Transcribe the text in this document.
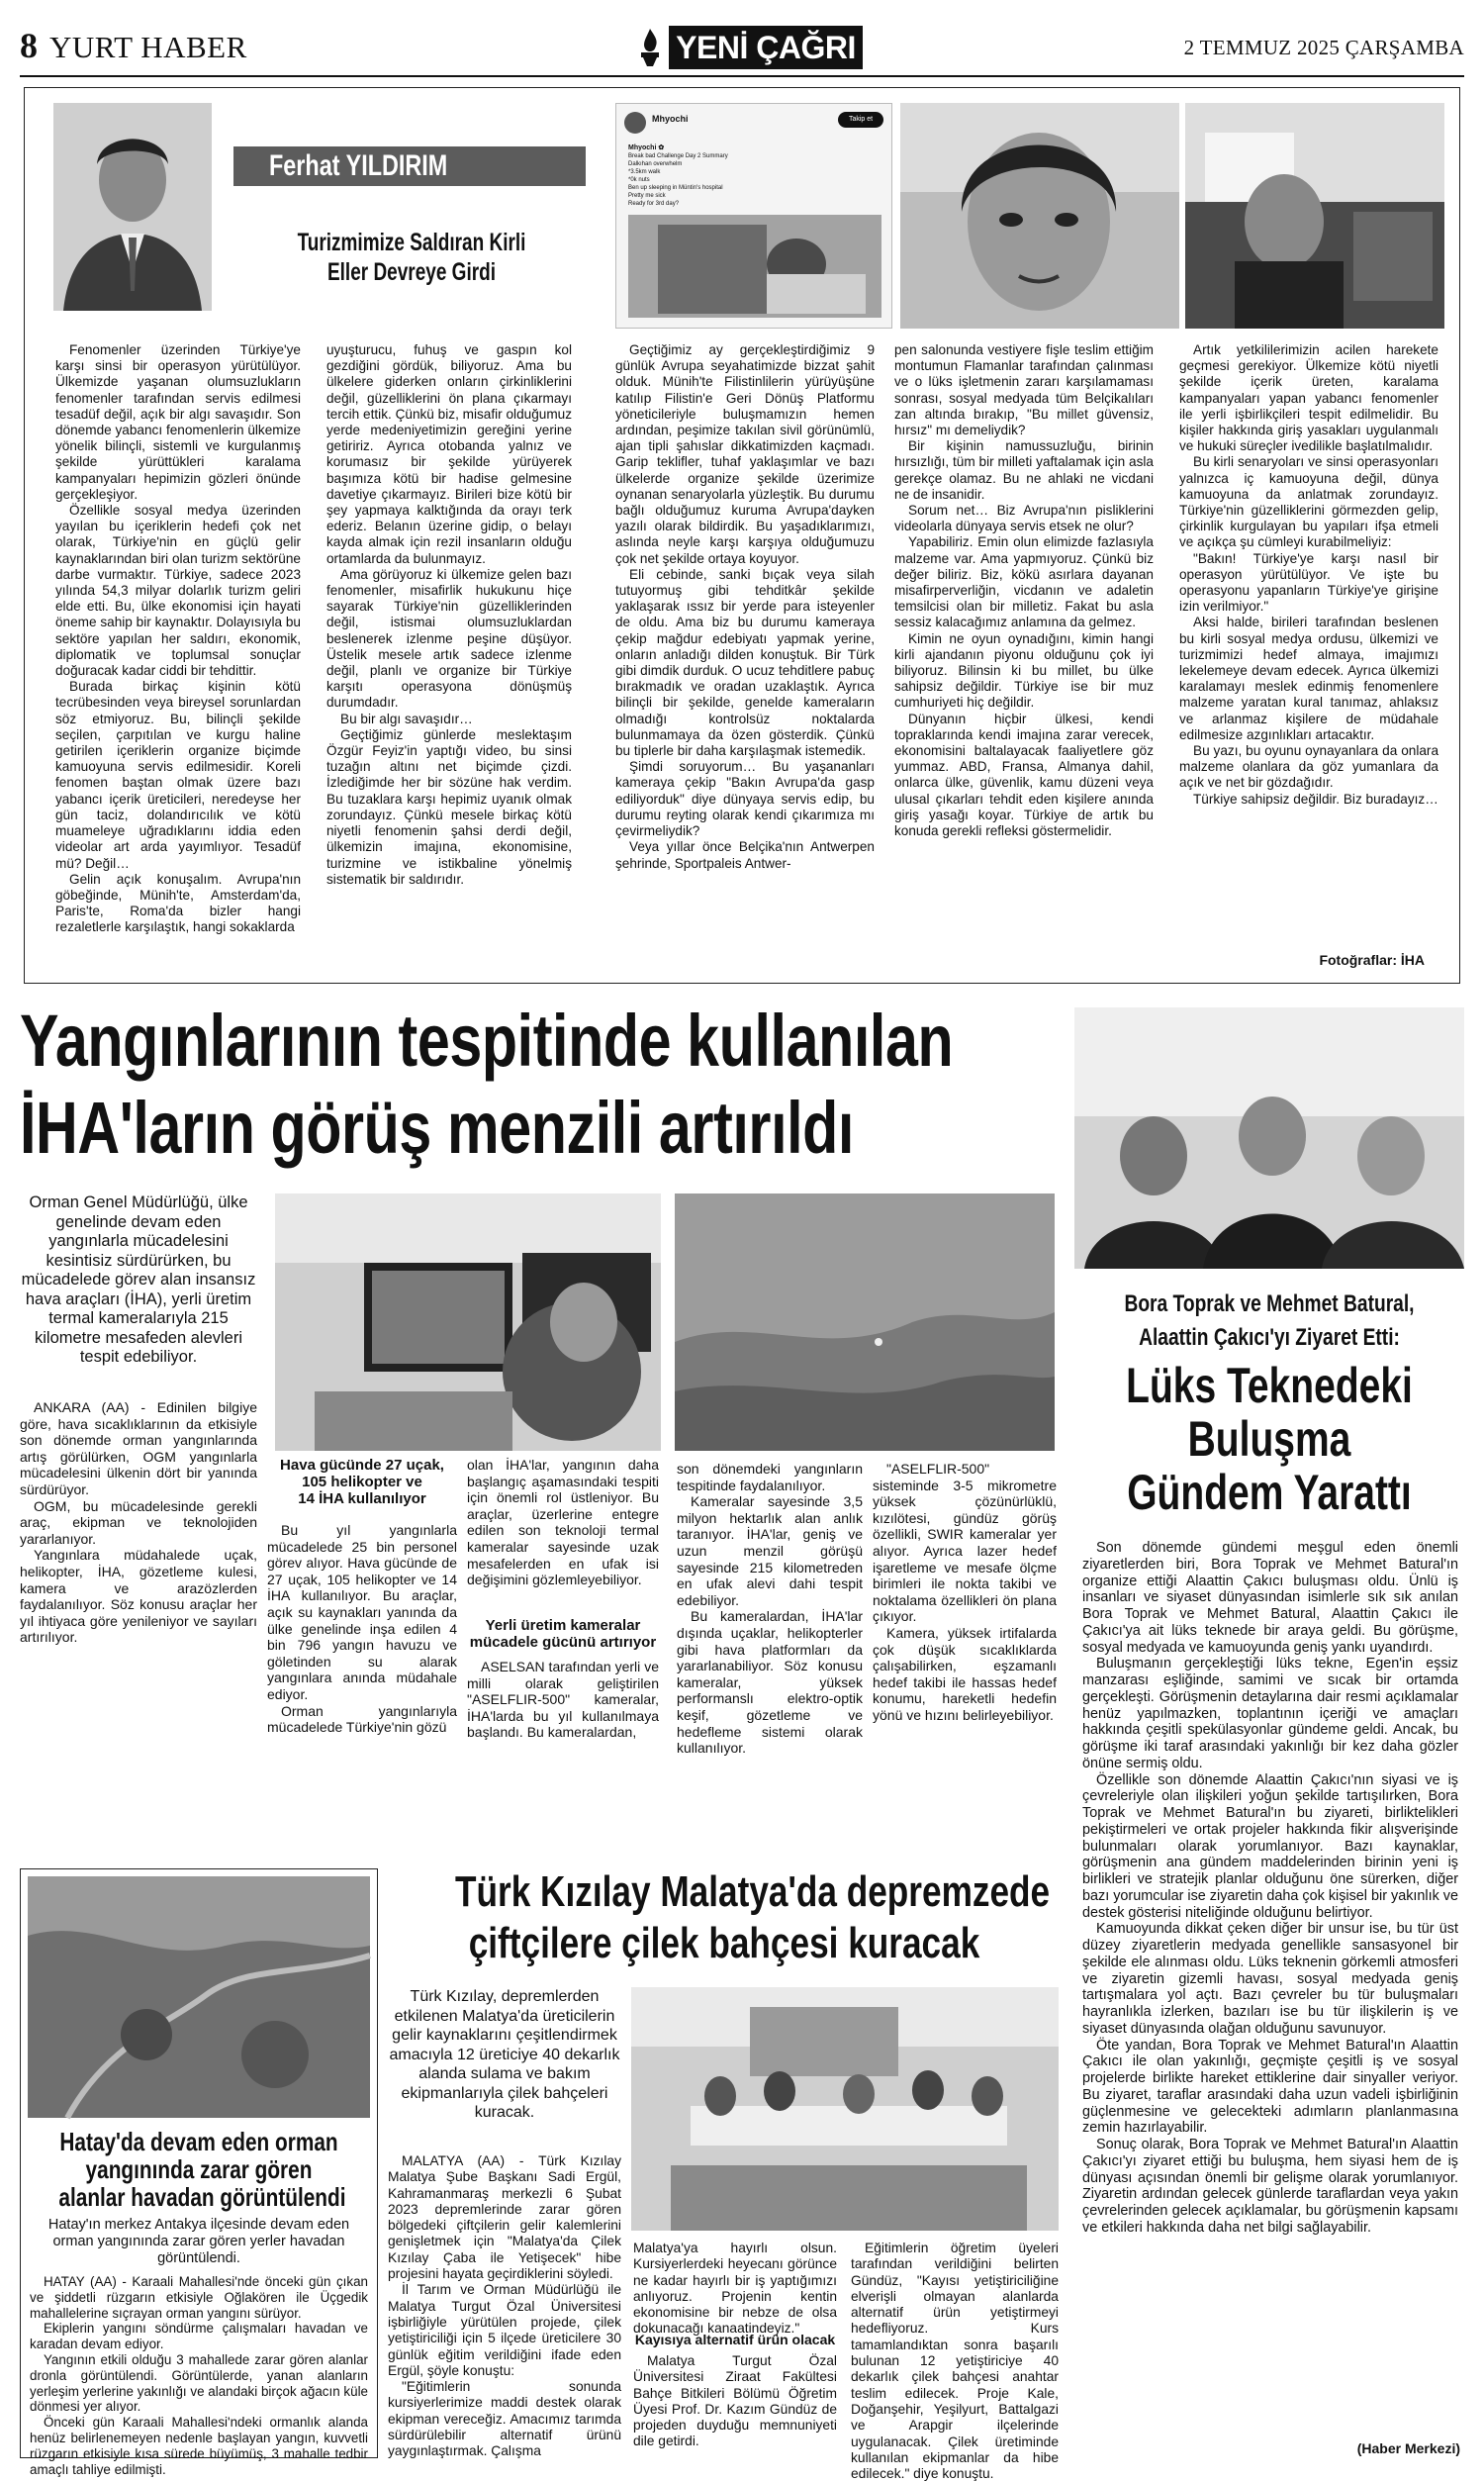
8 YURT HABER	YENİ ÇAĞRI	2 TEMMUZ 2025 ÇARŞAMBA
Ferhat YILDIRIM
Turizmimize Saldıran Kirli
Eller Devreye Girdi
Mhyochi	Takip et
Mhyochi ✿
Break bad Challenge Day 2 Summary
Dalkıhan overwhelm
*3.5km walk
*0k nuts
Ben up sleeping in Müntin's hospital
Pretty me sick
Ready for 3rd day?

Fenomenler üzerinden Türkiye'ye karşı sinsi bir operasyon yürütülüyor. Ülkemizde yaşanan olumsuzlukların fenomenler tarafından servis edilmesi tesadüf değil, açık bir algı savaşıdır. Son dönemde yabancı fenomenlerin ülkemize yönelik bilinçli, sistemli ve kurgulanmış şekilde yürüttükleri karalama kampanyaları hepimizin gözleri önünde gerçekleşiyor.

Özellikle sosyal medya üzerinden yayılan bu içeriklerin hedefi çok net olarak, Türkiye'nin en güçlü gelir kaynaklarından biri olan turizm sektörüne darbe vurmaktır. Türkiye, sadece 2023 yılında 54,3 milyar dolarlık turizm geliri elde etti. Bu, ülke ekonomisi için hayati öneme sahip bir kaynaktır. Dolayısıyla bu sektöre yapılan her saldırı, ekonomik, diplomatik ve toplumsal sonuçlar doğuracak kadar ciddi bir tehdittir.

Burada birkaç kişinin kötü tecrübesinden veya bireysel sorunlardan söz etmiyoruz. Bu, bilinçli şekilde seçilen, çarpıtılan ve kurgu haline getirilen içeriklerin organize biçimde kamuoyuna servis edilmesidir. Koreli fenomen baştan olmak üzere bazı yabancı içerik üreticileri, neredeyse her gün taciz, dolandırıcılık ve kötü muameleye uğradıklarını iddia eden videolar art arda yayımlıyor. Tesadüf mü? Değil…

Gelin açık konuşalım. Avrupa'nın göbeğinde, Münih'te, Amsterdam'da, Paris'te, Roma'da bizler hangi rezaletlerle karşılaştık, hangi sokaklarda

uyuşturucu, fuhuş ve gaspın kol gezdiğini gördük, biliyoruz. Ama bu ülkelere giderken onların çirkinliklerini değil, güzelliklerini ön plana çıkarmayı tercih ettik. Çünkü biz, misafir olduğumuz yerde medeniyetimizin gereğini yerine getiririz. Ayrıca otobanda yalnız ve korumasız bir şekilde yürüyerek başımıza kötü bir hadise gelmesine davetiye çıkarmayız. Birileri bize kötü bir şey yapmaya kalktığında da orayı terk ederiz. Belanın üzerine gidip, o belayı kayda almak için rezil insanların olduğu ortamlarda da bulunmayız.

Ama görüyoruz ki ülkemize gelen bazı fenomenler, misafirlik hukukunu hiçe sayarak Türkiye'nin güzelliklerinden değil, istismai olumsuzluklardan beslenerek izlenme peşine düşüyor. Üstelik mesele artık sadece izlenme değil, planlı ve organize bir Türkiye karşıtı operasyona dönüşmüş durumdadır.

Bu bir algı savaşıdır…

Geçtiğimiz günlerde meslektaşım Özgür Feyiz'in yaptığı video, bu sinsi tuzağın altını net biçimde çizdi. İzlediğimde her bir sözüne hak verdim. Bu tuzaklara karşı hepimiz uyanık olmak zorundayız. Çünkü mesele birkaç kötü niyetli fenomenin şahsi derdi değil, ülkemizin imajına, ekonomisine, turizmine ve istikbaline yönelmiş sistematik bir saldırıdır.

Geçtiğimiz ay gerçekleştirdiğimiz 9 günlük Avrupa seyahatimizde bizzat şahit olduk. Münih'te Filistinlilerin yürüyüşüne katılıp Filistin'e Geri Dönüş Platformu yöneticileriyle buluşmamızın hemen ardından, peşimize takılan sivil görünümlü, ajan tipli şahıslar dikkatimizden kaçmadı. Garip teklifler, tuhaf yaklaşımlar ve bazı ülkelerde organize şekilde üzerimize oynanan senaryolarla yüzleştik. Bu durumu bağlı olduğumuz kuruma Avrupa'dayken yazılı olarak bildirdik. Bu yaşadıklarımızı, aslında neyle karşı karşıya olduğumuzu çok net şekilde ortaya koyuyor.

Eli cebinde, sanki bıçak veya silah tutuyormuş gibi tehditkâr şekilde yaklaşarak ıssız bir yerde para isteyenler de oldu. Ama biz bu durumu kameraya çekip mağdur edebiyatı yapmak yerine, onların anladığı dilden konuştuk. Bir Türk gibi dimdik durduk. O ucuz tehditlere pabuç bırakmadık ve oradan uzaklaştık. Ayrıca bilinçli bir şekilde, genelde kameraların olmadığı kontrolsüz noktalarda bulunmamaya da özen gösterdik. Çünkü bu tiplerle bir daha karşılaşmak istemedik.

Şimdi soruyorum… Bu yaşananları kameraya çekip "Bakın Avrupa'da gasp ediliyorduk" diye dünyaya servis edip, bu durumu reyting olarak kendi çıkarımıza mı çevirmeliydik?

Veya yıllar önce Belçika'nın Antwerpen şehrinde, Sportpaleis Antwer-

pen salonunda vestiyere fişle teslim ettiğim montumun Flamanlar tarafından çalınması ve o lüks işletmenin zararı karşılamaması sonrası, sosyal medyada tüm Belçikalıları zan altında bırakıp, "Bu millet güvensiz, hırsız" mı demeliydik?

Bir kişinin namussuzluğu, birinin hırsızlığı, tüm bir milleti yaftalamak için asla gerekçe olamaz. Bu ne ahlaki ne vicdani ne de insanidir.

Sorum net… Biz Avrupa'nın pisliklerini videolarla dünyaya servis etsek ne olur?

Yapabiliriz. Emin olun elimizde fazlasıyla malzeme var. Ama yapmıyoruz. Çünkü biz değer biliriz. Biz, kökü asırlara dayanan misafirperverliğin, vicdanın ve adaletin temsilcisi olan bir milletiz. Fakat bu asla sessiz kalacağımız anlamına da gelmez.

Kimin ne oyun oynadığını, kimin hangi kirli ajandanın piyonu olduğunu çok iyi biliyoruz. Bilinsin ki bu millet, bu ülke sahipsiz değildir. Türkiye ise bir muz cumhuriyeti hiç değildir.

Dünyanın hiçbir ülkesi, kendi topraklarında kendi imajına zarar verecek, ekonomisini baltalayacak faaliyetlere göz yummaz. ABD, Fransa, Almanya dahil, onlarca ülke, güvenlik, kamu düzeni veya ulusal çıkarları tehdit eden kişilere anında giriş yasağı koyar. Türkiye de artık bu konuda gerekli refleksi göstermelidir.

Artık yetkililerimizin acilen harekete geçmesi gerekiyor. Ülkemize kötü niyetli şekilde içerik üreten, karalama kampanyaları yapan yabancı fenomenler ile yerli işbirlikçileri tespit edilmelidir. Bu kişiler hakkında giriş yasakları uygulanmalı ve hukuki süreçler ivedilikle başlatılmalıdır.

Bu kirli senaryoları ve sinsi operasyonları yalnızca iç kamuoyuna değil, dünya kamuoyuna da anlatmak zorundayız. Türkiye'nin güzelliklerini görmezden gelip, çirkinlik kurgulayan bu yapıları ifşa etmeli ve açıkça şu cümleyi kurabilmeliyiz:

"Bakın! Türkiye'ye karşı nasıl bir operasyon yürütülüyor. Ve işte bu operasyonu yapanların Türkiye'ye girişine izin verilmiyor."

Aksi halde, birileri tarafından beslenen bu kirli sosyal medya ordusu, ülkemizi ve turizmimizi hedef almaya, imajımızı lekelemeye devam edecek. Ayrıca ülkemizi karalamayı meslek edinmiş fenomenlere malzeme yaratan kural tanımaz, ahlaksız ve arlanmaz kişilere de müdahale edilmesize azgınlıkları artacaktır.

Bu yazı, bu oyunu oynayanlara da onlara malzeme olanlara da göz yumanlara da açık ve net bir gözdağıdır.

Türkiye sahipsiz değildir. Biz buradayız…

Fotoğraflar: İHA
Yangınlarının tespitinde kullanılan
İHA'ların görüş menzili artırıldı
Orman Genel Müdürlüğü, ülke genelinde devam eden yangınlarla mücadelesini kesintisiz sürdürürken, bu mücadelede görev alan insansız hava araçları (İHA), yerli üretim termal kameralarıyla 215 kilometre mesafeden alevleri tespit edebiliyor.

ANKARA (AA) - Edinilen bilgiye göre, hava sıcaklıklarının da etkisiyle son dönemde orman yangınlarında artış görülürken, OGM yangınlarla mücadelesini ülkenin dört bir yanında sürdürüyor.

OGM, bu mücadelesinde gerekli araç, ekipman ve teknolojiden yararlanıyor.

Yangınlara müdahalede uçak, helikopter, İHA, gözetleme kulesi, kamera ve arazözlerden faydalanılıyor. Söz konusu araçlar her yıl ihtiyaca göre yenileniyor ve sayıları artırılıyor.

Hava gücünde 27 uçak,
105 helikopter ve
14 İHA kullanılıyor

Bu yıl yangınlarla mücadelede 25 bin personel görev alıyor. Hava gücünde de 27 uçak, 105 helikopter ve 14 İHA kullanılıyor. Bu araçlar, açık su kaynakları yanında da ülke genelinde inşa edilen 4 bin 796 yangın havuzu ve göletinden su alarak yangınlara anında müdahale ediyor.

Orman yangınlarıyla mücadelede Türkiye'nin gözü

olan İHA'lar, yangının daha başlangıç aşamasındaki tespiti için önemli rol üstleniyor. Bu araçlar, üzerlerine entegre edilen son teknoloji termal kameralar sayesinde uzak mesafelerden en ufak isi değişimini gözlemleyebiliyor.

Yerli üretim kameralar
mücadele gücünü artırıyor

ASELSAN tarafından yerli ve milli olarak geliştirilen "ASELFLIR-500" kameralar, İHA'larda bu yıl kullanılmaya başlandı. Bu kameralardan,

son dönemdeki yangınların tespitinde faydalanılıyor.

Kameralar sayesinde 3,5 milyon hektarlık alan anlık taranıyor. İHA'lar, geniş ve uzun menzil görüşü sayesinde 215 kilometreden en ufak alevi dahi tespit edebiliyor.

Bu kameralardan, İHA'lar dışında uçaklar, helikopterler gibi hava platformları da yararlanabiliyor. Söz konusu kameralar, yüksek performanslı elektro-optik keşif, gözetleme ve hedefleme sistemi olarak kullanılıyor.

"ASELFLIR-500" sisteminde 3-5 mikrometre yüksek çözünürlüklü, kızılötesi, gündüz görüş özellikli, SWIR kameralar yer alıyor. Ayrıca lazer hedef işaretleme ve mesafe ölçme birimleri ile nokta takibi ve noktalama özellikleri ön plana çıkıyor.

Kamera, yüksek irtifalarda çok düşük sıcaklıklarda çalışabilirken, eşzamanlı hedef takibi ile hassas hedef konumu, hareketli hedefin yönü ve hızını belirleyebiliyor.

Bora Toprak ve Mehmet Batural,
Alaattin Çakıcı'yı Ziyaret Etti:
Lüks Teknedeki
Buluşma
Gündem Yarattı

Son dönemde gündemi meşgul eden önemli ziyaretlerden biri, Bora Toprak ve Mehmet Batural'ın organize ettiği Alaattin Çakıcı buluşması oldu. Ünlü iş insanları ve siyaset dünyasından isimlerle sık sık anılan Bora Toprak ve Mehmet Batural, Alaattin Çakıcı ile Çakıcı'ya ait lüks teknede bir araya geldi. Bu görüşme, sosyal medyada ve kamuoyunda geniş yankı uyandırdı.

Buluşmanın gerçekleştiği lüks tekne, Egen'in eşsiz manzarası eşliğinde, samimi ve sıcak bir ortamda gerçekleşti. Görüşmenin detaylarına dair resmi açıklamalar henüz yapılmazken, toplantının içeriği ve amaçları hakkında çeşitli spekülasyonlar gündeme geldi. Ancak, bu görüşme iki taraf arasındaki yakınlığı bir kez daha gözler önüne sermiş oldu.

Özellikle son dönemde Alaattin Çakıcı'nın siyasi ve iş çevreleriyle olan ilişkileri yoğun şekilde tartışılırken, Bora Toprak ve Mehmet Batural'ın bu ziyareti, birliktelikleri pekiştirmeleri ve ortak projeler hakkında fikir alışverişinde bulunmaları olarak yorumlanıyor. Bazı kaynaklar, görüşmenin ana gündem maddelerinden birinin yeni iş birlikleri ve stratejik planlar olduğunu öne sürerken, diğer bazı yorumcular ise ziyaretin daha çok kişisel bir yakınlık ve destek gösterisi niteliğinde olduğunu belirtiyor.

Kamuoyunda dikkat çeken diğer bir unsur ise, bu tür üst düzey ziyaretlerin medyada genellikle sansasyonel bir şekilde ele alınması oldu. Lüks teknenin görkemli atmosferi ve ziyaretin gizemli havası, sosyal medyada geniş tartışmalara yol açtı. Bazı çevreler bu tür buluşmaları hayranlıkla izlerken, bazıları ise bu tür ilişkilerin iş ve siyaset dünyasında olağan olduğunu savunuyor.

Öte yandan, Bora Toprak ve Mehmet Batural'ın Alaattin Çakıcı ile olan yakınlığı, geçmişte çeşitli iş ve sosyal projelerde birlikte hareket ettiklerine dair sinyaller veriyor. Bu ziyaret, taraflar arasındaki daha uzun vadeli işbirliğinin güçlenmesine ve gelecekteki adımların planlanmasına zemin hazırlayabilir.

Sonuç olarak, Bora Toprak ve Mehmet Batural'ın Alaattin Çakıcı'yı ziyaret ettiği bu buluşma, hem siyasi hem de iş dünyası açısından önemli bir gelişme olarak yorumlanıyor. Ziyaretin ardından gelecek günlerde taraflardan veya yakın çevrelerinden gelecek açıklamalar, bu görüşmenin kapsamı ve etkileri hakkında daha net bilgi sağlayabilir.

(Haber Merkezi)
Hatay'da devam eden orman
yangınında zarar gören
alanlar havadan görüntülendi
Hatay'ın merkez Antakya ilçesinde devam eden orman yangınında zarar gören yerler havadan görüntülendi.

HATAY (AA) - Karaali Mahallesi'nde önceki gün çıkan ve şiddetli rüzgarın etkisiyle Oğlakören ile Üçgedik mahallelerine sıçrayan orman yangını sürüyor.

Ekiplerin yangını söndürme çalışmaları havadan ve karadan devam ediyor.

Yangının etkili olduğu 3 mahallede zarar gören alanlar dronla görüntülendi. Görüntülerde, yanan alanların yerleşim yerlerine yakınlığı ve alandaki birçok ağacın küle dönmesi yer alıyor.

Önceki gün Karaali Mahallesi'ndeki ormanlık alanda henüz belirlenemeyen nedenle başlayan yangın, kuvvetli rüzgarın etkisiyle kısa sürede büyümüş, 3 mahalle tedbir amaçlı tahliye edilmişti.

Türk Kızılay Malatya'da depremzede
çiftçilere çilek bahçesi kuracak
Türk Kızılay, depremlerden etkilenen Malatya'da üreticilerin gelir kaynaklarını çeşitlendirmek amacıyla 12 üreticiye 40 dekarlık alanda sulama ve bakım ekipmanlarıyla çilek bahçeleri kuracak.

MALATYA (AA) - Türk Kızılay Malatya Şube Başkanı Sadi Ergül, Kahramanmaraş merkezli 6 Şubat 2023 depremlerinde zarar gören bölgedeki çiftçilerin gelir kalemlerini genişletmek için "Malatya'da Çilek Kızılay Çaba ile Yetişecek" hibe projesini hayata geçirdiklerini söyledi.

İl Tarım ve Orman Müdürlüğü ile Malatya Turgut Özal Üniversitesi işbirliğiyle yürütülen projede, çilek yetiştiriciliği için 5 ilçede üreticilere 30 günlük eğitim verildiğini ifade eden Ergül, şöyle konuştu:

"Eğitimlerin sonunda kursiyerlerimize maddi destek olarak ekipman vereceğiz. Amacımız tarımda sürdürülebilir alternatif ürünü yaygınlaştırmak. Çalışma

Malatya'ya hayırlı olsun. Kursiyerlerdeki heyecanı görünce ne kadar hayırlı bir iş yaptığımızı anlıyoruz. Projenin kentin ekonomisine bir nebze de olsa dokunacağı kanaatindeyiz."

Kayısıya alternatif ürün olacak

Malatya Turgut Özal Üniversitesi Ziraat Fakültesi Bahçe Bitkileri Bölümü Öğretim Üyesi Prof. Dr. Kazım Gündüz de projeden duyduğu memnuniyeti dile getirdi.

Eğitimlerin öğretim üyeleri tarafından verildiğini belirten Gündüz, "Kayısı yetiştiriciliğine elverişli olmayan alanlarda alternatif ürün yetiştirmeyi hedefliyoruz. Kurs tamamlandıktan sonra başarılı bulunan 12 yetiştiriciye 40 dekarlık çilek bahçesi anahtar teslim edilecek. Proje Kale, Doğanşehir, Yeşilyurt, Battalgazi ve Arapgir ilçelerinde uygulanacak. Çilek üretiminde kullanılan ekipmanlar da hibe edilecek." diye konuştu.
